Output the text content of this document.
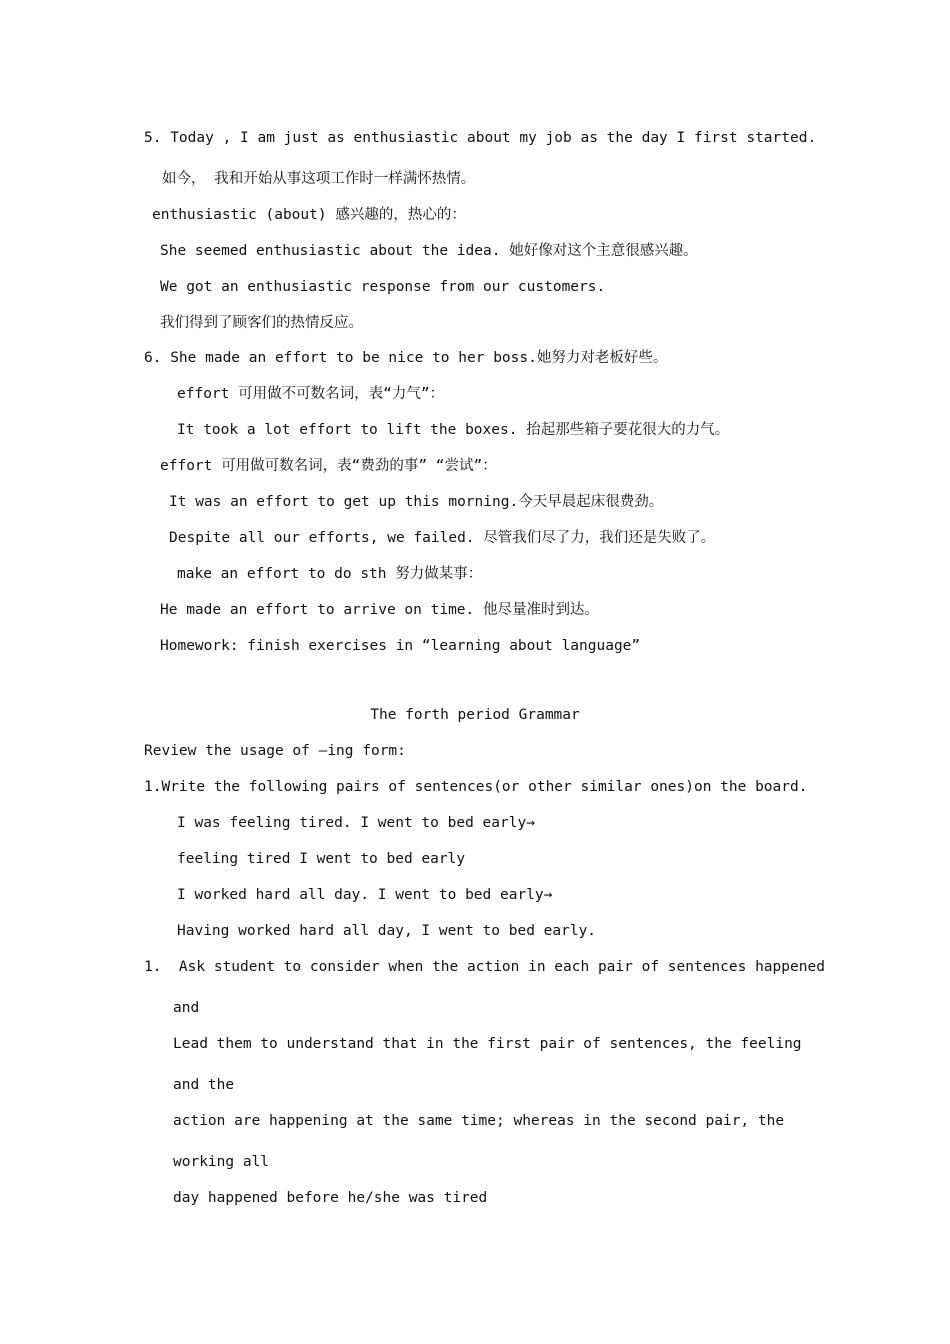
5. Today , I am just as enthusiastic about my job as the day I first started.
如今， 我和开始从事这项工作时一样满怀热情。
enthusiastic (about) 感兴趣的，热心的：
She seemed enthusiastic about the idea. 她好像对这个主意很感兴趣。
We got an enthusiastic response from our customers.
我们得到了顾客们的热情反应。
6. She made an effort to be nice to her boss.她努力对老板好些。
effort 可用做不可数名词，表“力气”：
It took a lot effort to lift the boxes. 抬起那些箱子要花很大的力气。
effort 可用做可数名词，表“费劲的事” “尝试”：
It was an effort to get up this morning.今天早晨起床很费劲。
Despite all our efforts, we failed. 尽管我们尽了力，我们还是失败了。
make an effort to do sth 努力做某事：
He made an effort to arrive on time. 他尽量准时到达。
Homework: finish exercises in “learning about language”
The forth period Grammar
Review the usage of –ing form:
1.Write the following pairs of sentences(or other similar ones)on the board.
I was feeling tired. I went to bed early→
feeling tired I went to bed early
I worked hard all day. I went to bed early→
Having worked hard all day, I went to bed early.
1.  Ask student to consider when the action in each pair of sentences happened
and
Lead them to understand that in the first pair of sentences, the feeling
and the
action are happening at the same time; whereas in the second pair, the
working all
day happened before he/she was tired
